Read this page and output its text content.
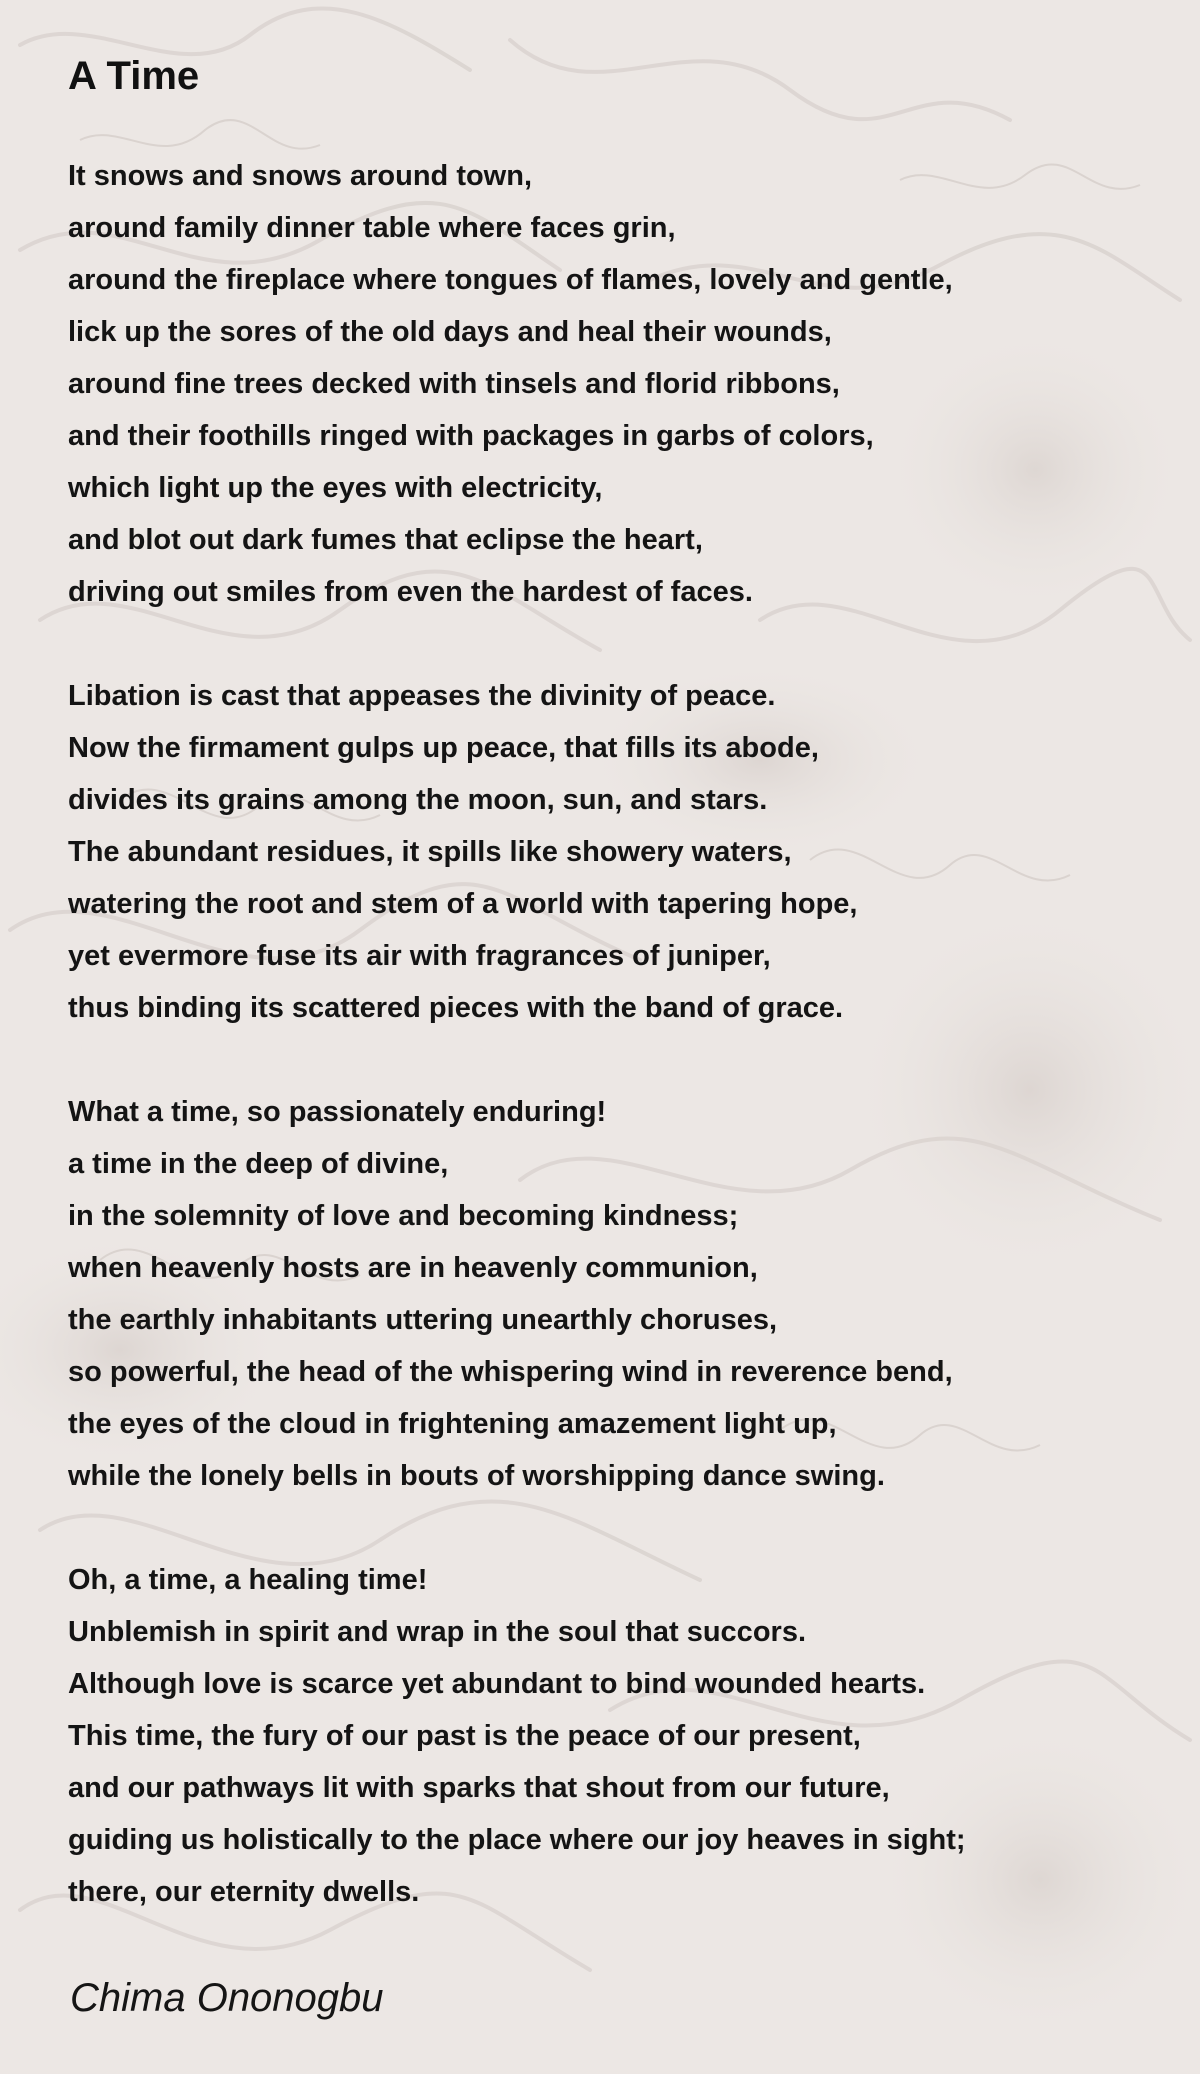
A Time
It snows and snows around town,
around family dinner table where faces grin,
around the fireplace where tongues of flames, lovely and gentle,
lick up the sores of the old days and heal their wounds,
around fine trees decked with tinsels and florid ribbons,
and their foothills ringed with packages in garbs of colors,
which light up the eyes with electricity,
and blot out dark fumes that eclipse the heart,
driving out smiles from even the hardest of faces.
Libation is cast that appeases the divinity of peace.
Now the firmament gulps up peace, that fills its abode,
divides its grains among the moon, sun, and stars.
The abundant residues, it spills like showery waters,
watering the root and stem of a world with tapering hope,
yet evermore fuse its air with fragrances of juniper,
thus binding its scattered pieces with the band of grace.
What a time, so passionately enduring!
a time in the deep of divine,
in the solemnity of love and becoming kindness;
when heavenly hosts are in heavenly communion,
the earthly inhabitants uttering unearthly choruses,
so powerful, the head of the whispering wind in reverence bend,
the eyes of the cloud in frightening amazement light up,
while the lonely bells in bouts of worshipping dance swing.
Oh, a time, a healing time!
Unblemish in spirit and wrap in the soul that succors.
Although love is scarce yet abundant to bind wounded hearts.
This time, the fury of our past is the peace of our present,
and our pathways lit with sparks that shout from our future,
guiding us holistically to the place where our joy heaves in sight;
there, our eternity dwells.

Chima Ononogbu
